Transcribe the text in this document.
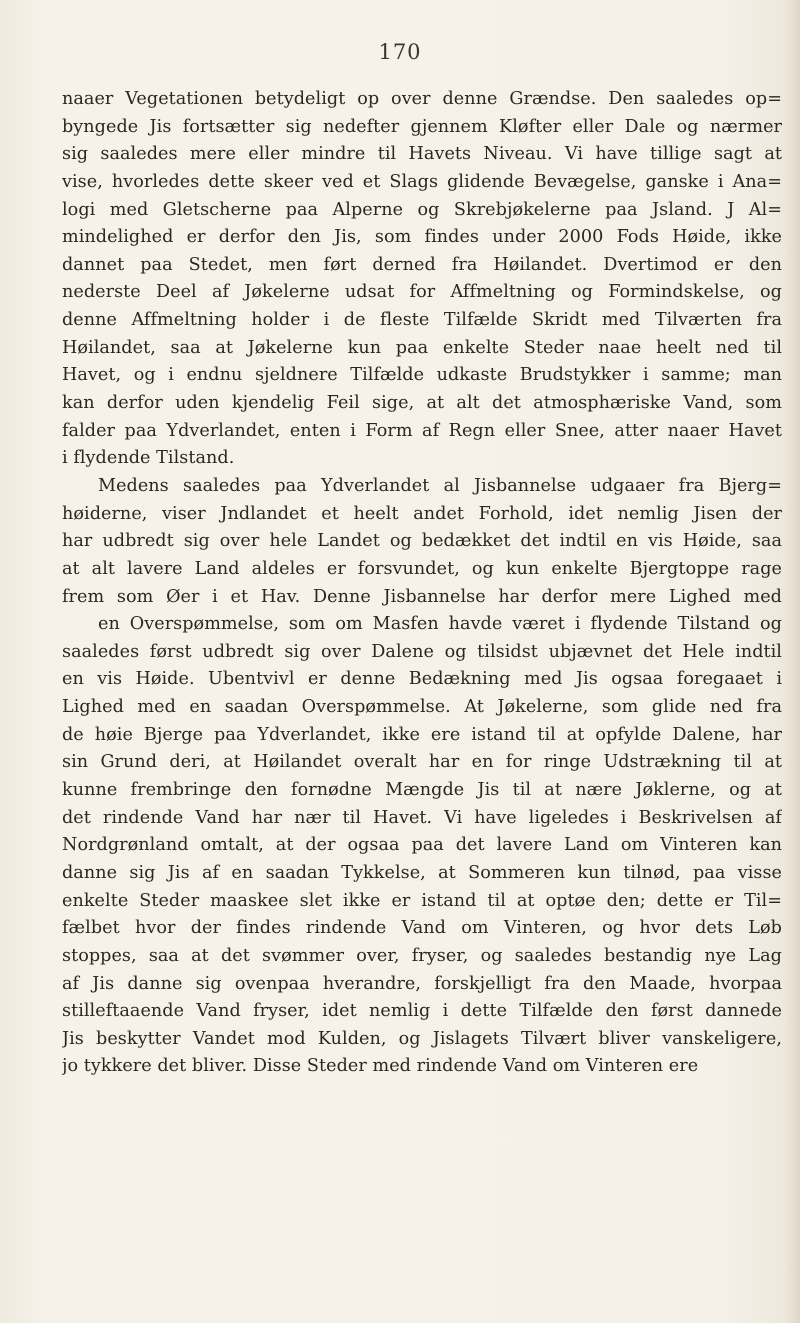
170
naaer Vegetationen betydeligt op over denne Grændse. Den saaledes op=
byngede Jis fortsætter sig nedefter gjennem Kløfter eller Dale og nærmer
sig saaledes mere eller mindre til Havets Niveau. Vi have tillige sagt at
vise, hvorledes dette skeer ved et Slags glidende Bevægelse, ganske i Ana=
logi med Gletscherne paa Alperne og Skrebjøkelerne paa Jsland. J Al=
mindelighed er derfor den Jis, som findes under 2000 Fods Høide, ikke
dannet paa Stedet, men ført derned fra Høilandet. Dvertimod er den
nederste Deel af Jøkelerne udsat for Affmeltning og Formindskelse, og
denne Affmeltning holder i de fleste Tilfælde Skridt med Tilværten fra
Høilandet, saa at Jøkelerne kun paa enkelte Steder naae heelt ned til
Havet, og i endnu sjeldnere Tilfælde udkaste Brudstykker i samme; man
kan derfor uden kjendelig Feil sige, at alt det atmosphæriske Vand, som
falder paa Ydverlandet, enten i Form af Regn eller Snee, atter naaer Havet
i flydende Tilstand.
Medens saaledes paa Ydverlandet al Jisbannelse udgaaer fra Bjerg=
høiderne, viser Jndlandet et heelt andet Forhold, idet nemlig Jisen der
har udbredt sig over hele Landet og bedækket det indtil en vis Høide, saa
at alt lavere Land aldeles er forsvundet, og kun enkelte Bjergtoppe rage
frem som Øer i et Hav. Denne Jisbannelse har derfor mere Lighed med
en Overspømmelse, som om Masfen havde været i flydende Tilstand og
saaledes først udbredt sig over Dalene og tilsidst ubjævnet det Hele indtil
en vis Høide. Ubentvivl er denne Bedækning med Jis ogsaa foregaaet i
Lighed med en saadan Overspømmelse. At Jøkelerne, som glide ned fra
de høie Bjerge paa Ydverlandet, ikke ere istand til at opfylde Dalene, har
sin Grund deri, at Høilandet overalt har en for ringe Udstrækning til at
kunne frembringe den fornødne Mængde Jis til at nære Jøklerne, og at
det rindende Vand har nær til Havet. Vi have ligeledes i Beskrivelsen af
Nordgrønland omtalt, at der ogsaa paa det lavere Land om Vinteren kan
danne sig Jis af en saadan Tykkelse, at Sommeren kun tilnød, paa visse
enkelte Steder maaskee slet ikke er istand til at optøe den; dette er Til=
fælbet hvor der findes rindende Vand om Vinteren, og hvor dets Løb
stoppes, saa at det svømmer over, fryser, og saaledes bestandig nye Lag
af Jis danne sig ovenpaa hverandre, forskjelligt fra den Maade, hvorpaa
stilleftaaende Vand fryser, idet nemlig i dette Tilfælde den først dannede
Jis beskytter Vandet mod Kulden, og Jislagets Tilvært bliver vanskeligere,
jo tykkere det bliver. Disse Steder med rindende Vand om Vinteren ere
